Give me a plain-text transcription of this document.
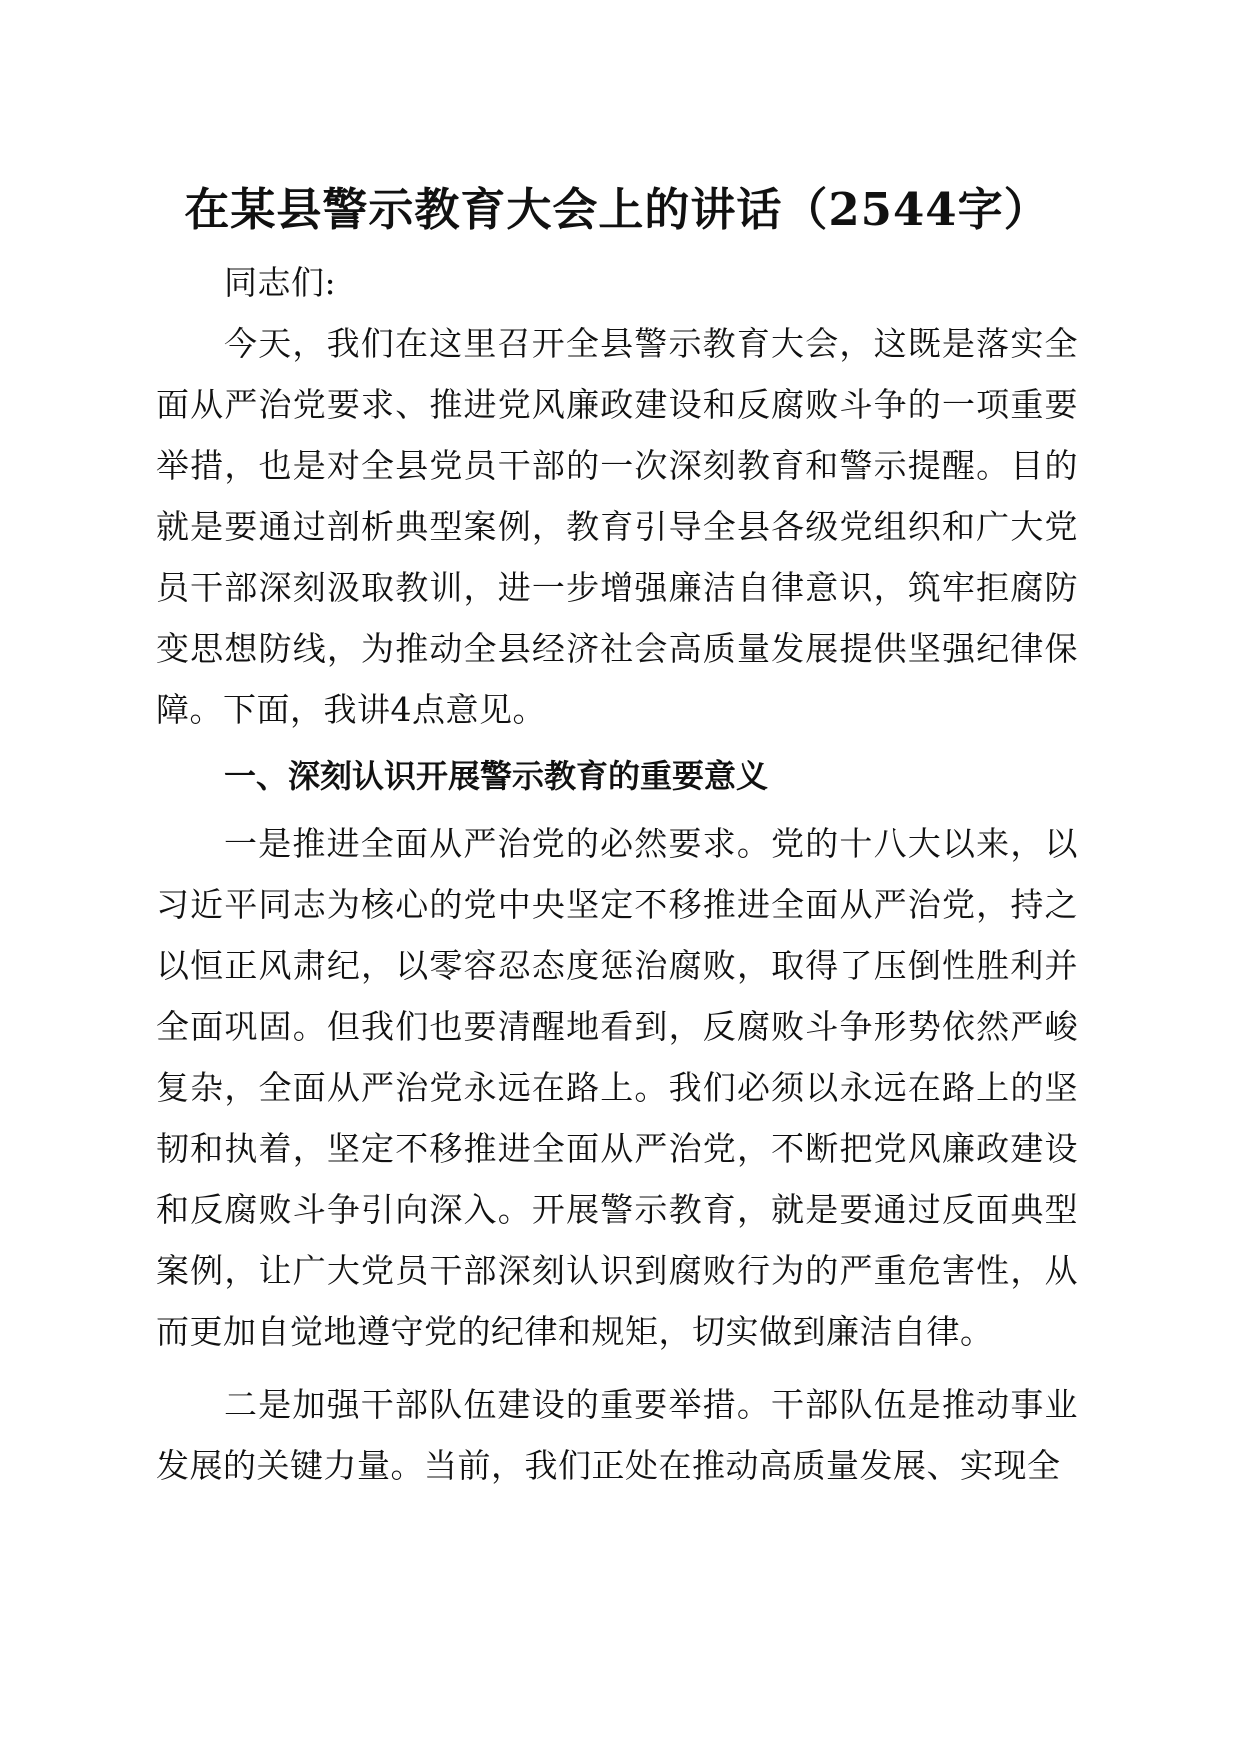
在某县警示教育大会上的讲话（2544字）

同志们:

今天，我们在这里召开全县警示教育大会，这既是落实全面从严治党要求、推进党风廉政建设和反腐败斗争的一项重要举措，也是对全县党员干部的一次深刻教育和警示提醒。目的就是要通过剖析典型案例，教育引导全县各级党组织和广大党员干部深刻汲取教训，进一步增强廉洁自律意识，筑牢拒腐防变思想防线，为推动全县经济社会高质量发展提供坚强纪律保障。下面，我讲4点意见。

一、深刻认识开展警示教育的重要意义

一是推进全面从严治党的必然要求。党的十八大以来，以习近平同志为核心的党中央坚定不移推进全面从严治党，持之以恒正风肃纪，以零容忍态度惩治腐败，取得了压倒性胜利并全面巩固。但我们也要清醒地看到，反腐败斗争形势依然严峻复杂，全面从严治党永远在路上。我们必须以永远在路上的坚韧和执着，坚定不移推进全面从严治党，不断把党风廉政建设和反腐败斗争引向深入。开展警示教育，就是要通过反面典型案例，让广大党员干部深刻认识到腐败行为的严重危害性，从而更加自觉地遵守党的纪律和规矩，切实做到廉洁自律。

二是加强干部队伍建设的重要举措。干部队伍是推动事业发展的关键力量。当前，我们正处在推动高质量发展、实现全
